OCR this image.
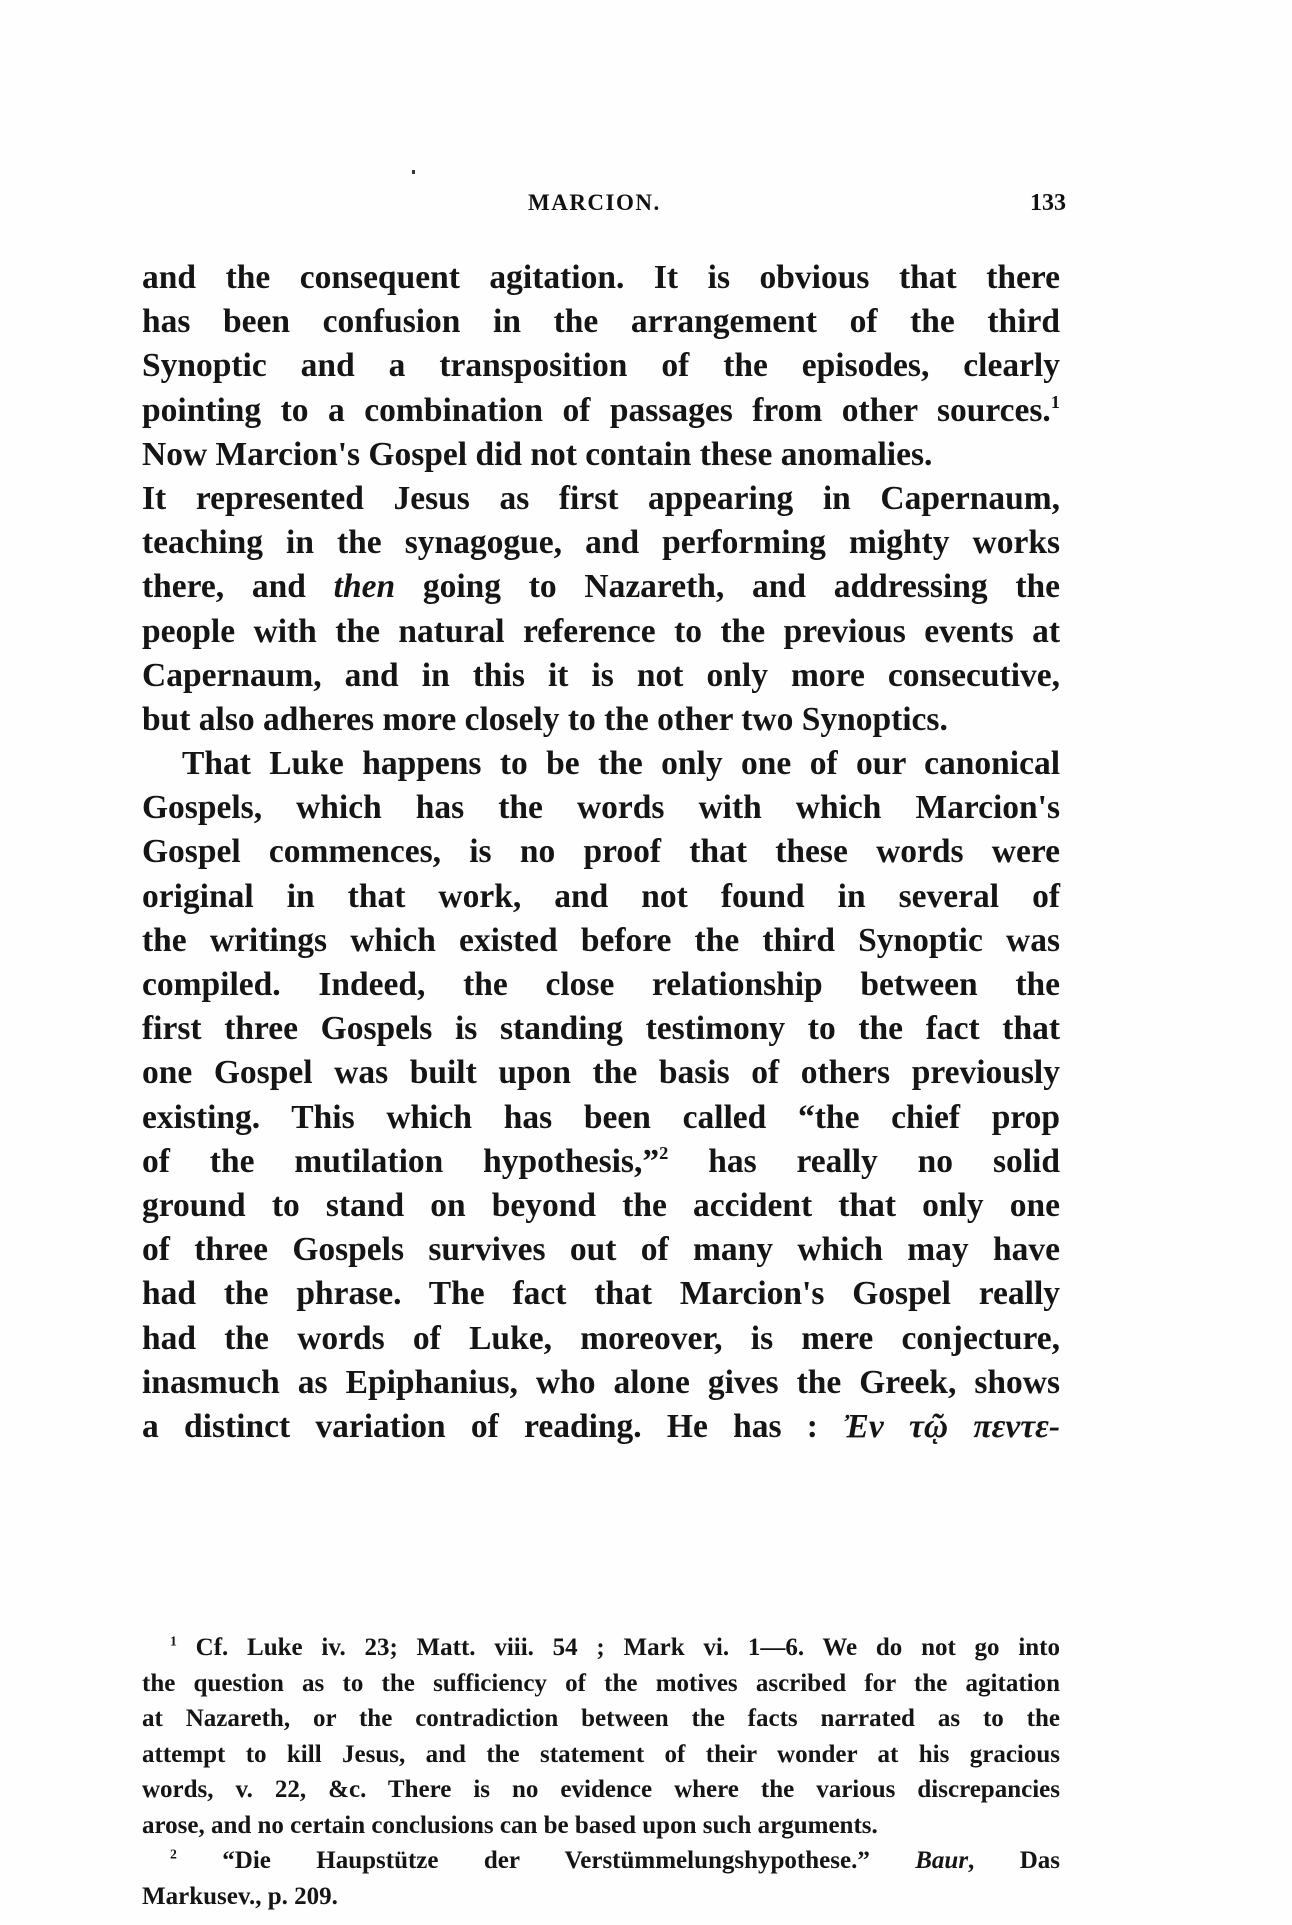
MARCION.	133
and the consequent agitation. It is obvious that there
has been confusion in the arrangement of the third
Synoptic and a transposition of the episodes, clearly
pointing to a combination of passages from other sources.$^1$
Now Marcion's Gospel did not contain these anomalies.
It represented Jesus as first appearing in Capernaum,
teaching in the synagogue, and performing mighty works
there, and then going to Nazareth, and addressing the
people with the natural reference to the previous events at
Capernaum, and in this it is not only more consecutive,
but also adheres more closely to the other two Synoptics.
That Luke happens to be the only one of our canonical
Gospels, which has the words with which Marcion's
Gospel commences, is no proof that these words were
original in that work, and not found in several of
the writings which existed before the third Synoptic was
compiled. Indeed, the close relationship between the
first three Gospels is standing testimony to the fact that
one Gospel was built upon the basis of others previously
existing. This which has been called “the chief prop
of the mutilation hypothesis,”$^2$ has really no solid
ground to stand on beyond the accident that only one
of three Gospels survives out of many which may have
had the phrase. The fact that Marcion's Gospel really
had the words of Luke, moreover, is mere conjecture,
inasmuch as Epiphanius, who alone gives the Greek, shows
a distinct variation of reading. He has : Ἐν τῷ πεντε-
$^1$ Cf. Luke iv. 23; Matt. viii. 54 ; Mark vi. 1—6. We do not go into
the question as to the sufficiency of the motives ascribed for the agitation
at Nazareth, or the contradiction between the facts narrated as to the
attempt to kill Jesus, and the statement of their wonder at his gracious
words, v. 22, &c. There is no evidence where the various discrepancies
arose, and no certain conclusions can be based upon such arguments.
$^2$ “Die Haupstütze der Verstümmelungshypothese.” Baur, Das
Markusev., p. 209.
